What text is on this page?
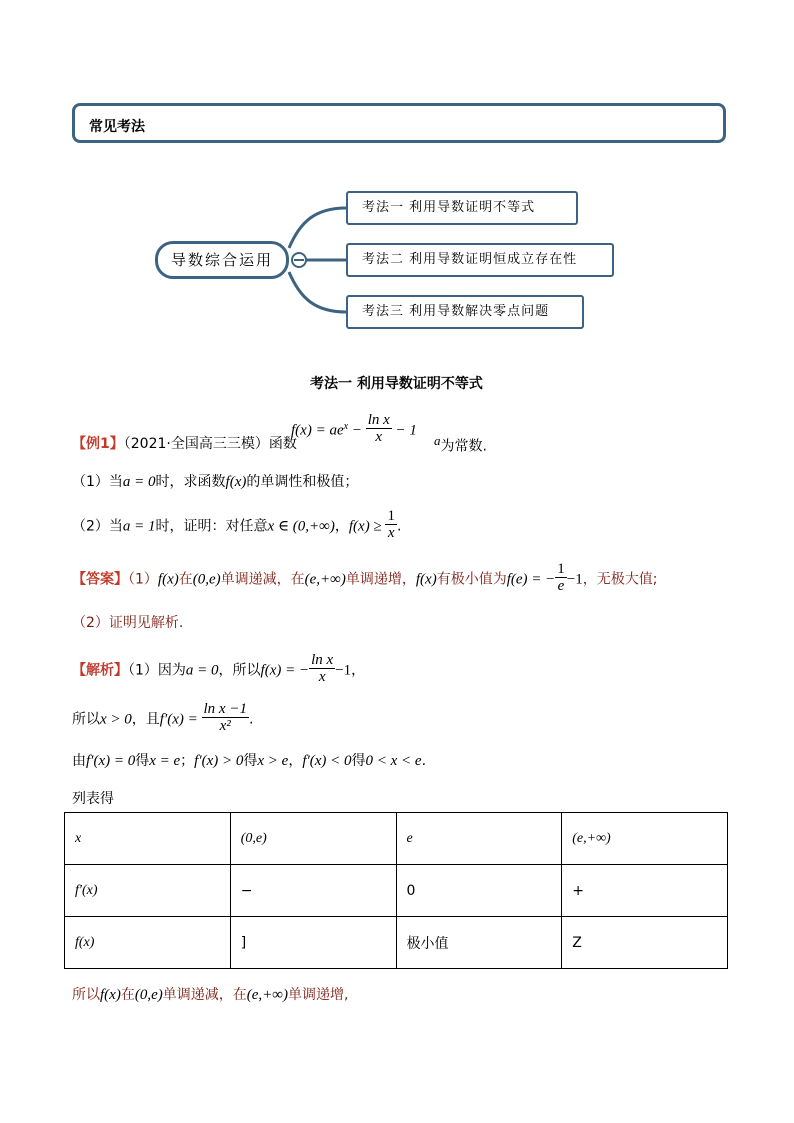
常见考法
导数综合运用
考法一 利用导数证明不等式
考法二 利用导数证明恒成立存在性
考法三 利用导数解决零点问题
考法一 利用导数证明不等式
$f(x) = ae^x - \frac{\text{ln x}}{x} - 1$
【例1】（2021·全国高三三模）函数	$^a$为常数.
（1）当a = 0时，求函数f(x)的单调性和极值；
（2）当a = 1时，证明：对任意x ∈ (0,+∞)，$f(x) \ge \frac{1}{x}$ .
【答案】（1）f(x)在(0,e)单调递减，在(e,+∞)单调递增，f(x)有极小值为f(e) = − $\frac{1}{e} -1$，无极大值;
（2）证明见解析.
【解析】（1）因为a = 0，所以f(x) = − $\frac{\text{ln x}}{x} -1$，
所以x > 0，且$f'(x) = \frac{\text{ln x −1}}{\text{x²}}$ .
由f′(x) = 0得x = e；f′(x) > 0得x > e，f′(x) < 0得0 < x < e.
列表得
x	(0,e)	e	(e,+∞)
f′(x)	−	0	+
f(x)	]	极小值	Z
所以f(x)在(0,e)单调递减，在(e,+∞)单调递增,
